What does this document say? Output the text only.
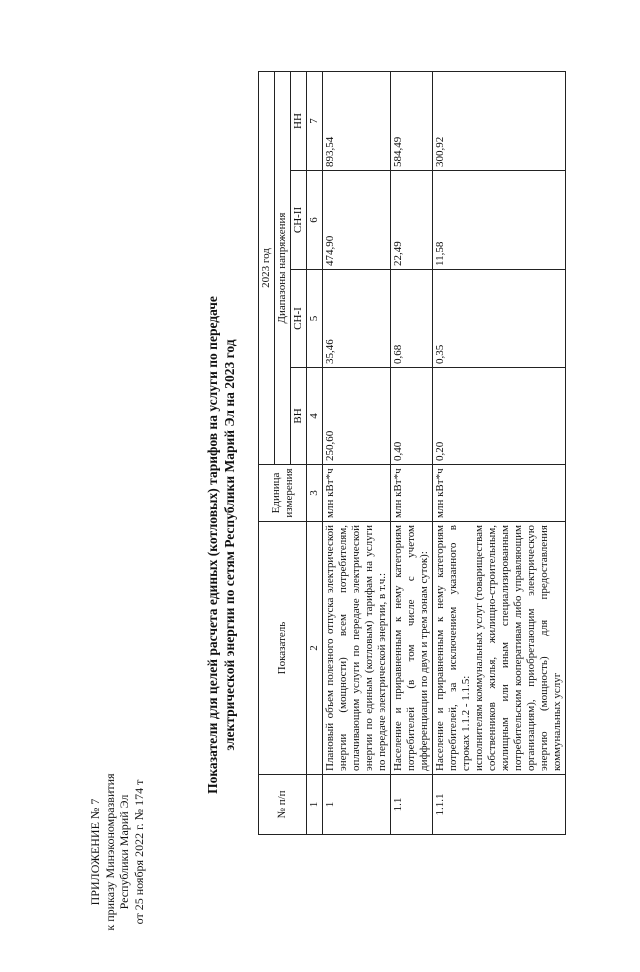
ПРИЛОЖЕНИЕ № 7 к приказу Минэкономразвития Республики Марий Эл от 25 ноября 2022 г. № 174 т
Показатели для целей расчета единых (котловых) тарифов на услуги по передаче электрической энергии по сетям Республики Марий Эл на 2023 год
№ п/п	Показатель	Единица измерения	2023 год			
			Диапазоны напряжения			
			ВН	СН-I	СН-II	НН
1	2	3	4	5	6	7
1	Плановый объем полезного отпуска электрической энергии (мощности) всем потребителям, оплачивающим услуги по передаче электрической энергии по единым (котловым) тарифам на услуги по передаче электрической энергии, в т.ч.:	млн кВт*ч	250,60	35,46	474,90	893,54
1.1	Население и приравненным к нему категориям потребителей (в том числе с учетом дифференциации по двум и трем зонам суток):	млн кВт*ч	0,40	0,68	22,49	584,49
1.1.1	Население и приравненным к нему категориям потребителей, за исключением указанного в строках 1.1.2 - 1.1.5: исполнителям коммунальных услуг (товариществам собственников жилья, жилищно-строительным, жилищным или иным специализированным потребительским кооперативам либо управляющим организациям), приобретающим электрическую энергию (мощность) для предоставления коммунальных услуг	млн кВт*ч	0,20	0,35	11,58	300,92
